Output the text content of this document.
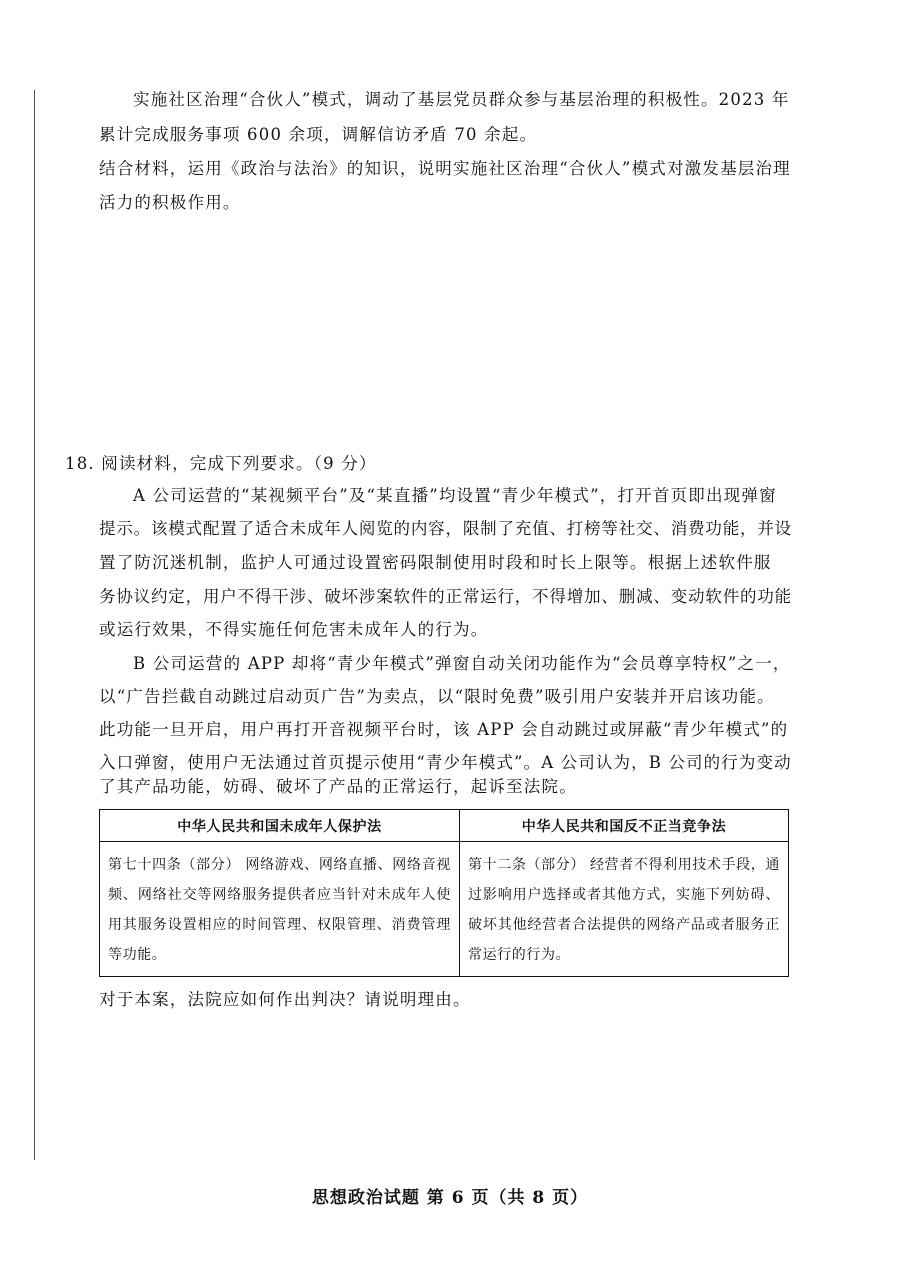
实施社区治理“合伙人”模式，调动了基层党员群众参与基层治理的积极性。2023 年
累计完成服务事项 600 余项，调解信访矛盾 70 余起。
结合材料，运用《政治与法治》的知识，说明实施社区治理“合伙人”模式对激发基层治理
活力的积极作用。
18. 阅读材料，完成下列要求。（9 分）
A 公司运营的“某视频平台”及“某直播”均设置“青少年模式”，打开首页即出现弹窗
提示。该模式配置了适合未成年人阅览的内容，限制了充值、打榜等社交、消费功能，并设
置了防沉迷机制，监护人可通过设置密码限制使用时段和时长上限等。根据上述软件服
务协议约定，用户不得干涉、破坏涉案软件的正常运行，不得增加、删减、变动软件的功能
或运行效果，不得实施任何危害未成年人的行为。
B 公司运营的 APP 却将“青少年模式”弹窗自动关闭功能作为“会员尊享特权”之一，
以“广告拦截自动跳过启动页广告”为卖点，以“限时免费”吸引用户安装并开启该功能。
此功能一旦开启，用户再打开音视频平台时，该 APP 会自动跳过或屏蔽“青少年模式”的
入口弹窗，使用户无法通过首页提示使用“青少年模式”。A 公司认为，B 公司的行为变动
了其产品功能，妨碍、破坏了产品的正常运行，起诉至法院。
中华人民共和国未成年人保护法	中华人民共和国反不正当竞争法
第七十四条（部分） 网络游戏、网络直播、网络音视频、网络社交等网络服务提供者应当针对未成年人使用其服务设置相应的时间管理、权限管理、消费管理等功能。	第十二条（部分） 经营者不得利用技术手段，通过影响用户选择或者其他方式，实施下列妨碍、破坏其他经营者合法提供的网络产品或者服务正常运行的行为。
对于本案，法院应如何作出判决？请说明理由。
思想政治试题 第 6 页（共 8 页）
